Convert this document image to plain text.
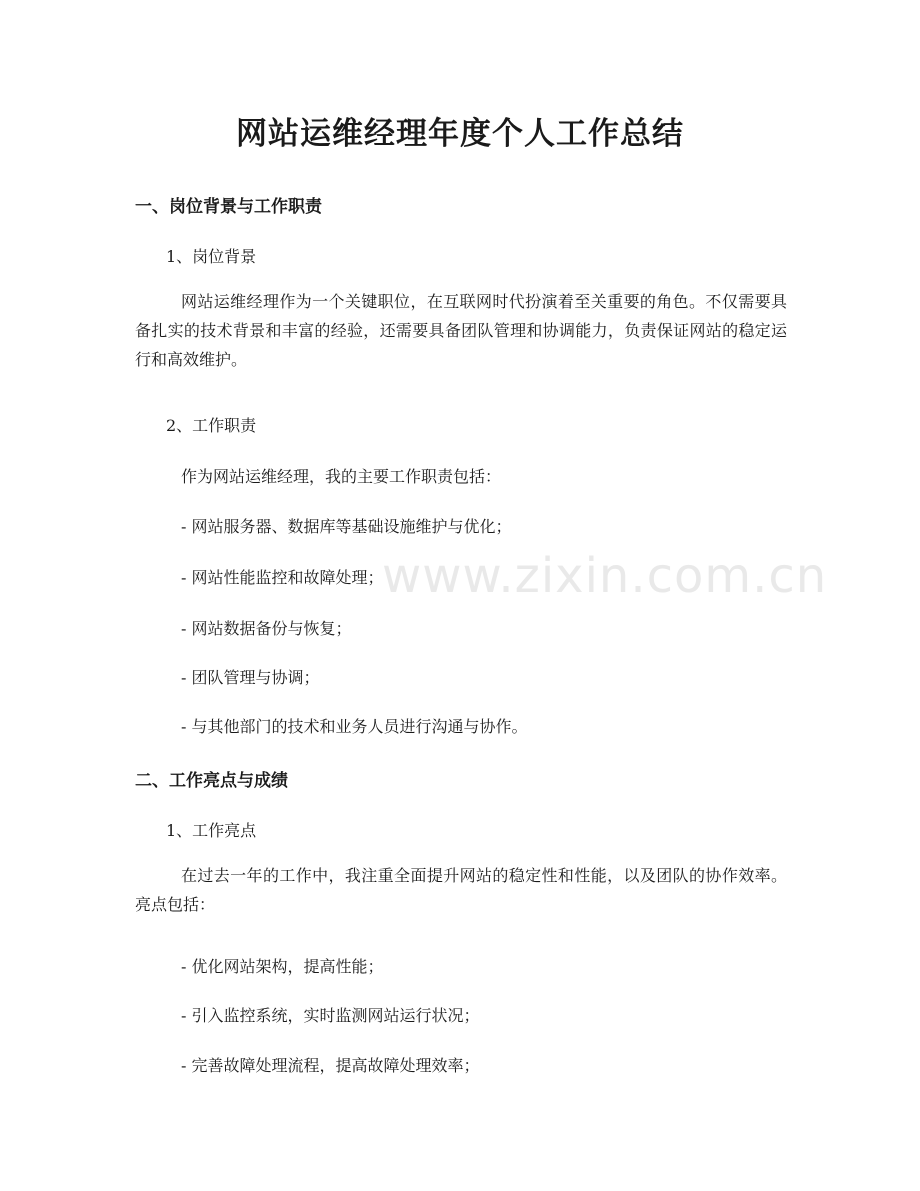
www.zixin.com.cn
网站运维经理年度个人工作总结
一、岗位背景与工作职责
1、岗位背景
网站运维经理作为一个关键职位，在互联网时代扮演着至关重要的角色。不仅需要具备扎实的技术背景和丰富的经验，还需要具备团队管理和协调能力，负责保证网站的稳定运行和高效维护。
2、工作职责
作为网站运维经理，我的主要工作职责包括：
- 网站服务器、数据库等基础设施维护与优化；
- 网站性能监控和故障处理；
- 网站数据备份与恢复；
- 团队管理与协调；
- 与其他部门的技术和业务人员进行沟通与协作。
二、工作亮点与成绩
1、工作亮点
在过去一年的工作中，我注重全面提升网站的稳定性和性能，以及团队的协作效率。亮点包括：
- 优化网站架构，提高性能；
- 引入监控系统，实时监测网站运行状况；
- 完善故障处理流程，提高故障处理效率；
